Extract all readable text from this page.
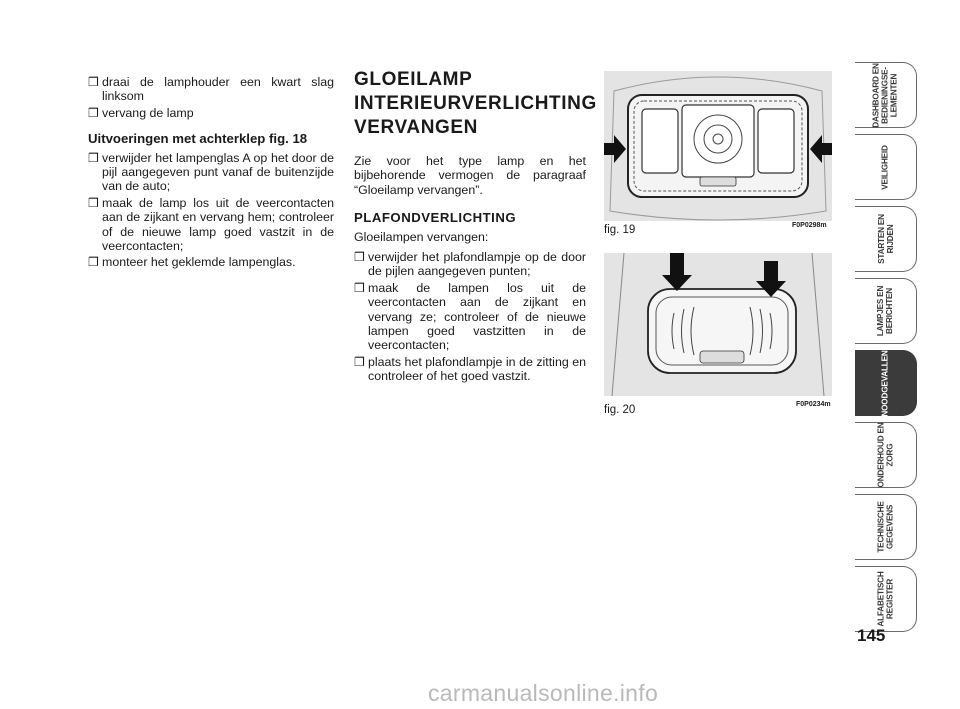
❒ draai de lamphouder een kwart slag linksom
❒ vervang de lamp
Uitvoeringen met achterklep fig. 18
❒ verwijder het lampenglas A op het door de pijl aangegeven punt vanaf de buitenzijde van de auto;
❒ maak de lamp los uit de veercontacten aan de zijkant en vervang hem; controleer of de nieuwe lamp goed vastzit in de veercontacten;
❒ monteer het geklemde lampenglas.
GLOEILAMP
INTERIEURVERLICHTING
VERVANGEN
Zie voor het type lamp en het bijbehorende vermogen de paragraaf “Gloeilamp vervangen”.
PLAFONDVERLICHTING
Gloeilampen vervangen:
❒ verwijder het plafondlampje op de door de pijlen aangegeven punten;
❒ maak de lampen los uit de veercontacten aan de zijkant en vervang ze; controleer of de nieuwe lampen goed vastzitten in de veercontacten;
❒ plaats het plafondlampje in de zitting en controleer of het goed vastzit.
fig. 19	F0P0298m
fig. 20	F0P0234m
DASHBOARD EN
BEDIENINGSE-
LEMENTEN
VEILIGHEID
STARTEN EN
RIJDEN
LAMPJES EN
BERICHTEN
NOODGEVALLEN
ONDERHOUD EN
ZORG
TECHNISCHE
GEGEVENS
ALFABETISCH
REGISTER
145
carmanualsonline.info
